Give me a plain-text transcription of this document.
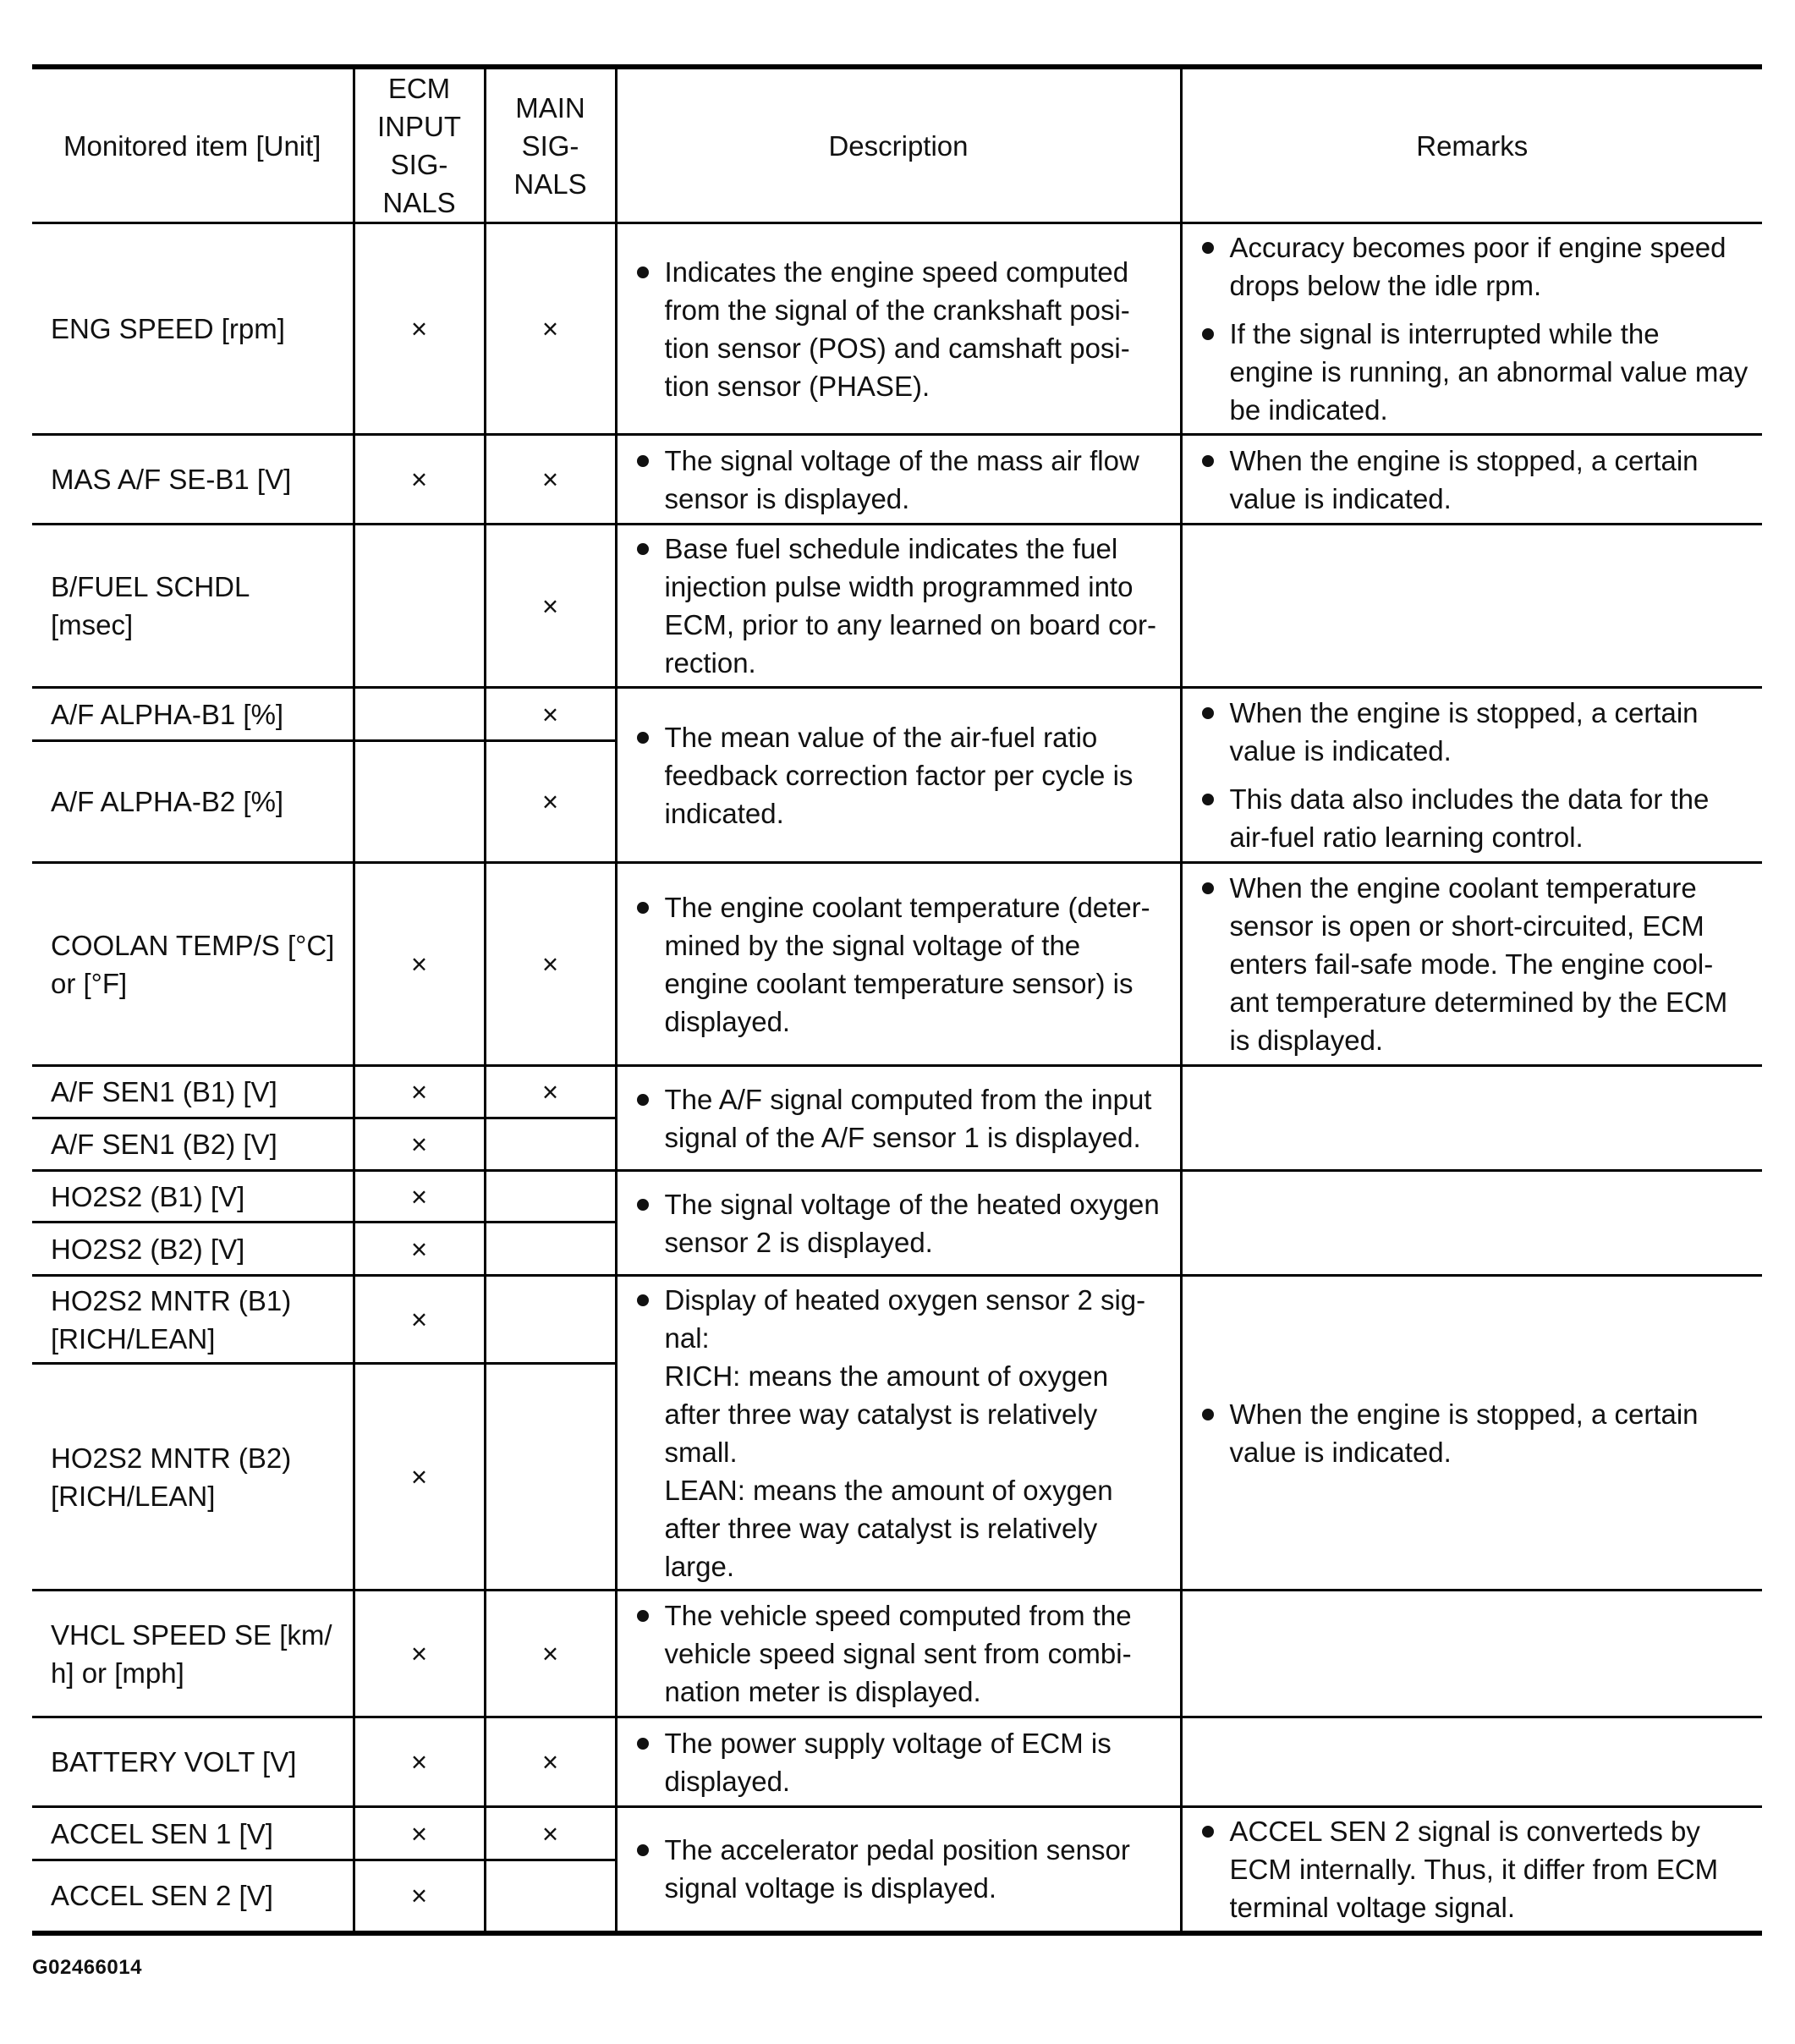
Monitored item [Unit]	ECM INPUT SIG- NALS	MAIN SIG- NALS	Description	Remarks
ENG SPEED [rpm]	×	×	Indicates the engine speed computed from the signal of the crankshaft posi- tion sensor (POS) and camshaft posi- tion sensor (PHASE).	Accuracy becomes poor if engine speed drops below the idle rpm.
If the signal is interrupted while the engine is running, an abnormal value may be indicated.

MAS A/F SE-B1 [V]	×	×	The signal voltage of the mass air flow sensor is displayed.	When the engine is stopped, a certain value is indicated.

B/FUEL SCHDL [msec]		×	Base fuel schedule indicates the fuel injection pulse width programmed into ECM, prior to any learned on board cor- rection.	

A/F ALPHA-B1 [%]		×	The mean value of the air-fuel ratio feedback correction factor per cycle is indicated.	When the engine is stopped, a certain value is indicated.
This data also includes the data for the air-fuel ratio learning control.

A/F ALPHA-B2 [%]		×		
COOLAN TEMP/S [°C] or [°F]	×	×	The engine coolant temperature (deter- mined by the signal voltage of the engine coolant temperature sensor) is displayed.	When the engine coolant temperature sensor is open or short-circuited, ECM enters fail-safe mode. The engine cool- ant temperature determined by the ECM is displayed.

A/F SEN1 (B1) [V]	×	×	The A/F signal computed from the input signal of the A/F sensor 1 is displayed.	

A/F SEN1 (B2) [V]	×			
HO2S2 (B1) [V]	×		The signal voltage of the heated oxygen sensor 2 is displayed.	

HO2S2 (B2) [V]	×			
HO2S2 MNTR (B1) [RICH/LEAN]	×		Display of heated oxygen sensor 2 sig- nal:
RICH: means the amount of oxygen after three way catalyst is relatively small.
LEAN: means the amount of oxygen after three way catalyst is relatively large.	When the engine is stopped, a certain value is indicated.

HO2S2 MNTR (B2) [RICH/LEAN]	×			
VHCL SPEED SE [km/ h] or [mph]	×	×	The vehicle speed computed from the vehicle speed signal sent from combi- nation meter is displayed.	

BATTERY VOLT [V]	×	×	The power supply voltage of ECM is displayed.	

ACCEL SEN 1 [V]	×	×	The accelerator pedal position sensor signal voltage is displayed.	ACCEL SEN 2 signal is converteds by ECM internally. Thus, it differ from ECM terminal voltage signal.

ACCEL SEN 2 [V]	×			
G02466014
